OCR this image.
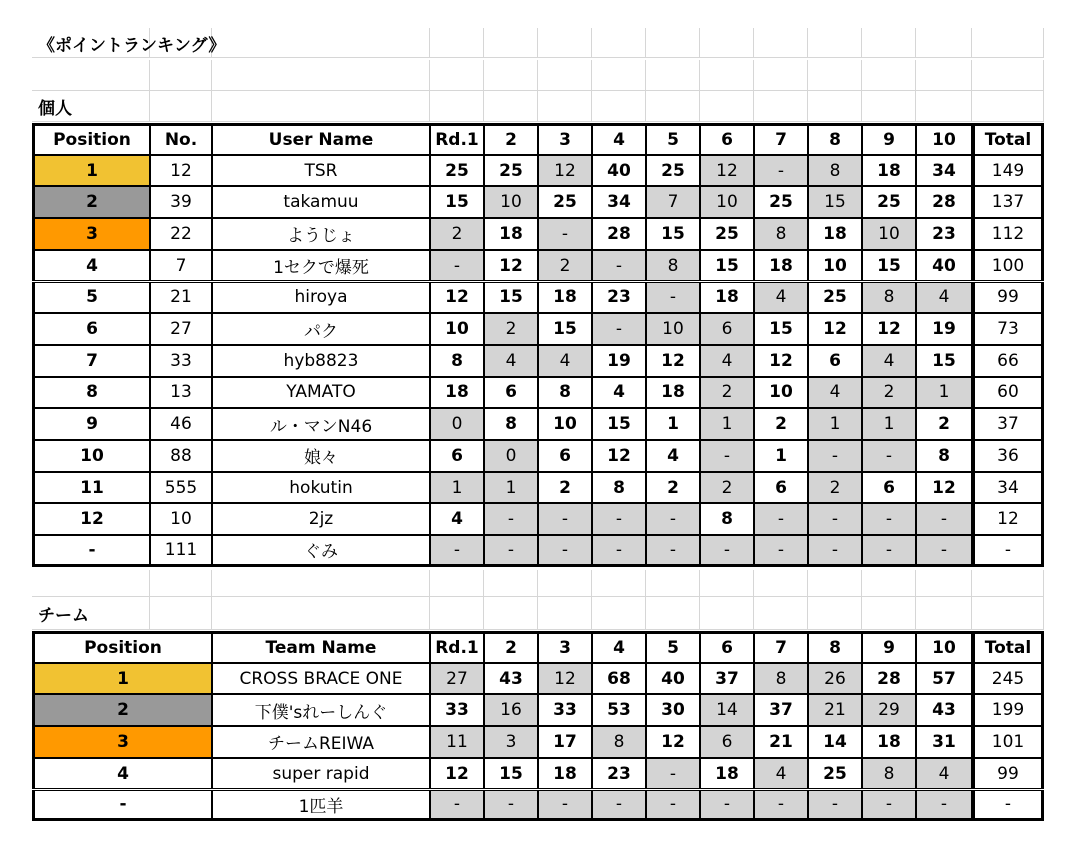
《ポイントランキング》
個人
チーム
Position	No.	User Name	Rd.1	2	3	4	5	6	7	8	9	10	Total
1	12	TSR	25	25	12	40	25	12	-	8	18	34	149
2	39	takamuu	15	10	25	34	7	10	25	15	25	28	137
3	22	ようじょ	2	18	-	28	15	25	8	18	10	23	112
4	7	1セクで爆死	-	12	2	-	8	15	18	10	15	40	100
5	21	hiroya	12	15	18	23	-	18	4	25	8	4	99
6	27	パク	10	2	15	-	10	6	15	12	12	19	73
7	33	hyb8823	8	4	4	19	12	4	12	6	4	15	66
8	13	YAMATO	18	6	8	4	18	2	10	4	2	1	60
9	46	ル・マンN46	0	8	10	15	1	1	2	1	1	2	37
10	88	娘々	6	0	6	12	4	-	1	-	-	8	36
11	555	hokutin	1	1	2	8	2	2	6	2	6	12	34
12	10	2jz	4	-	-	-	-	8	-	-	-	-	12
-	111	ぐみ	-	-	-	-	-	-	-	-	-	-	-
Position	Team Name	Rd.1	2	3	4	5	6	7	8	9	10	Total
1	CROSS BRACE ONE	27	43	12	68	40	37	8	26	28	57	245
2	下僕'sれーしんぐ	33	16	33	53	30	14	37	21	29	43	199
3	チームREIWA	11	3	17	8	12	6	21	14	18	31	101
4	super rapid	12	15	18	23	-	18	4	25	8	4	99
-	1匹羊	-	-	-	-	-	-	-	-	-	-	-
